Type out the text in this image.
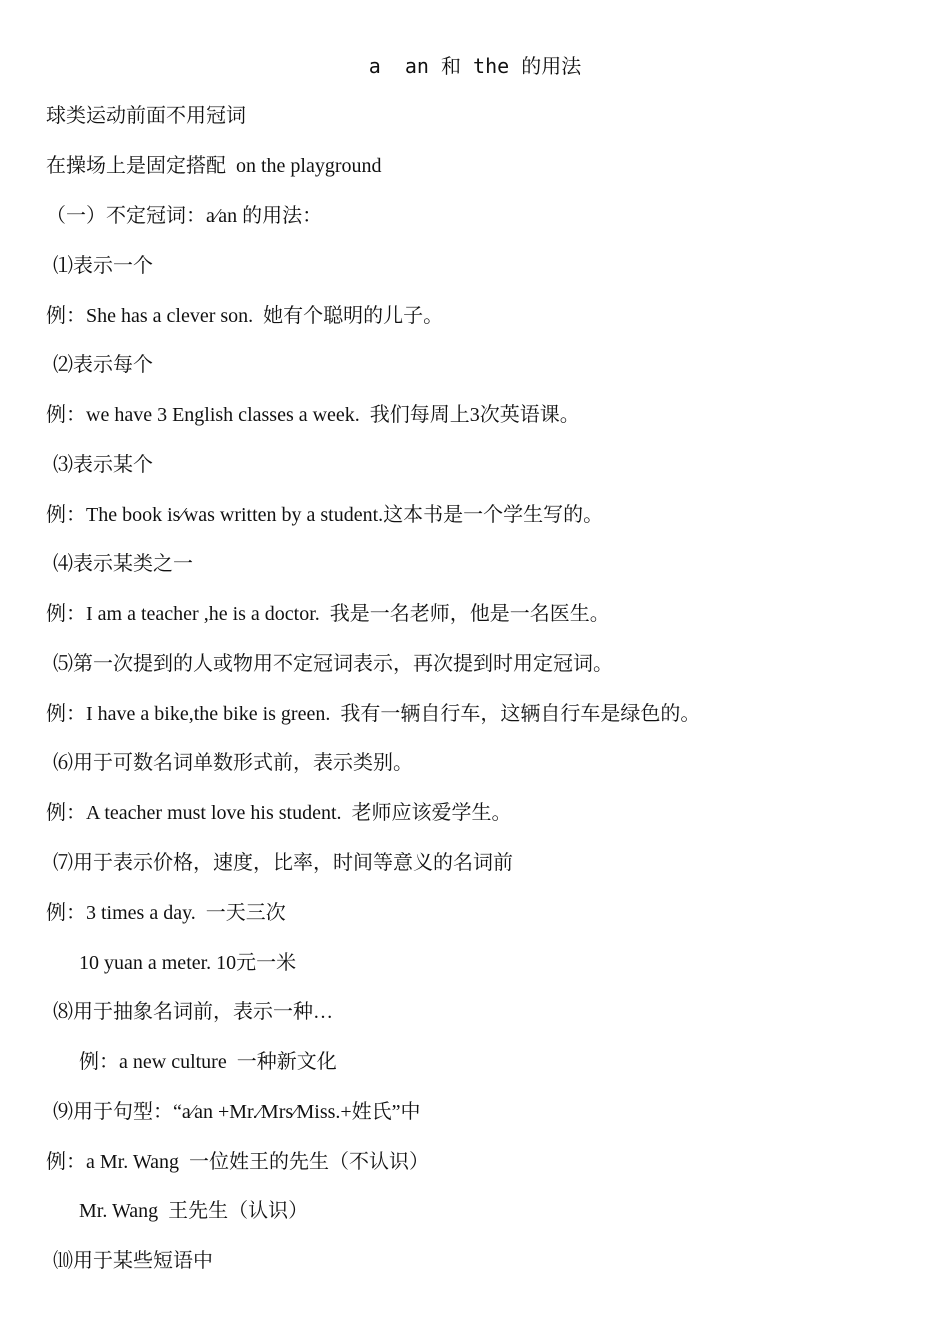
a  an 和 the 的用法
球类运动前面不用冠词
在操场上是固定搭配  on the playground
（一）不定冠词：a⁄an 的用法：
⑴表示一个
例：She has a clever son.  她有个聪明的儿子。
⑵表示每个
例：we have 3 English classes a week.  我们每周上3次英语课。
⑶表示某个
例：The book is⁄was written by a student.这本书是一个学生写的。
⑷表示某类之一
例：I am a teacher ,he is a doctor.  我是一名老师，他是一名医生。
⑸第一次提到的人或物用不定冠词表示，再次提到时用定冠词。
例：I have a bike,the bike is green.  我有一辆自行车，这辆自行车是绿色的。
⑹用于可数名词单数形式前，表示类别。
例：A teacher must love his student.  老师应该爱学生。
⑺用于表示价格，速度，比率，时间等意义的名词前
例：3 times a day.  一天三次
10 yuan a meter. 10元一米
⑻用于抽象名词前，表示一种…
例：a new culture  一种新文化
⑼用于句型：“a⁄an +Mr.⁄Mrs⁄Miss.+姓氏”中
例：a Mr. Wang  一位姓王的先生（不认识）
Mr. Wang  王先生（认识）
⑽用于某些短语中
